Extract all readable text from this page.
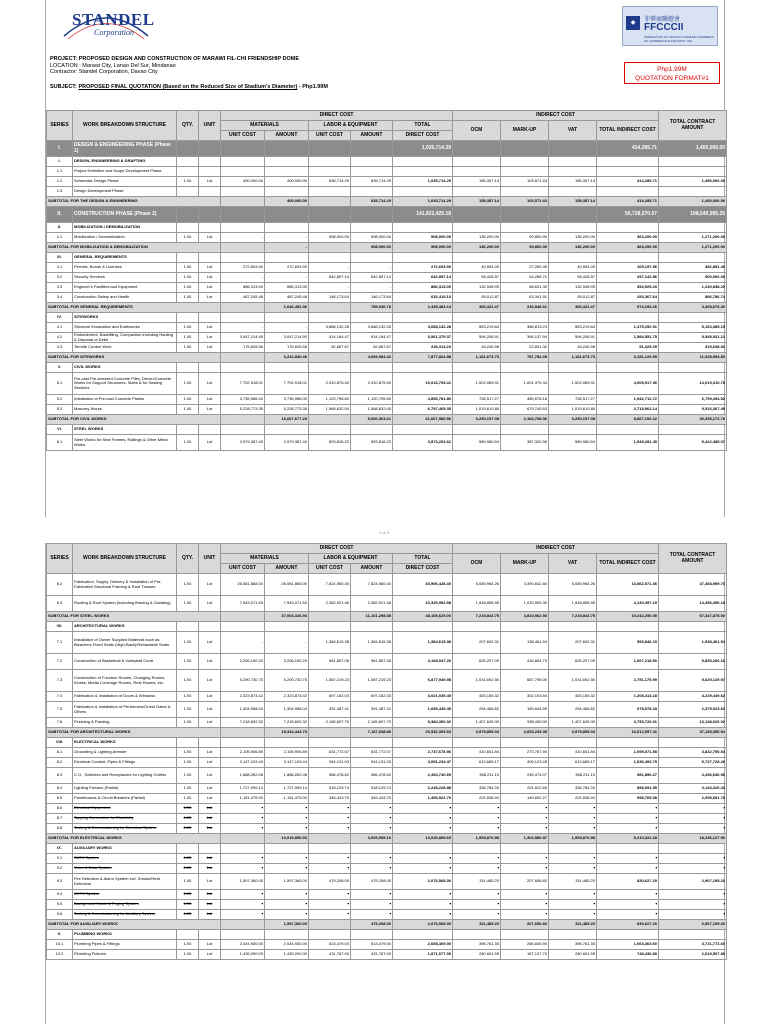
STANDEL
Corporation
◆	菲華商聯總會
FFCCCII
FEDERATION OF FILIPINO-CHINESE CHAMBERS OF COMMERCE & INDUSTRY, INC.
PROJECT: PROPOSED DESIGN AND CONSTRUCTION OF MARAWI FIL-CHI FRIENDSHIP DOME
LOCATION : Marawi City, Lanao Del Sur, Mindanao
Contractor: Standel Corporation, Davao City	Php1.99M
QUOTATION FORMAT#1
SUBJECT: PROPOSED FINAL QUOTATION (Based on the Reduced Size of Stadium's Diameter) - Php1.99M
SERIES	WORK BREAKDOWN STRUCTURE	QTY.	UNIT	DIRECT COST					INDIRECT COST				TOTAL CONTRACT AMOUNT
				MATERIALS		LABOR & EQUIPMENT		TOTAL	OCM	MARK-UP	VAT	TOTAL INDIRECT COST	
				UNIT COST	AMOUNT	UNIT COST	AMOUNT	DIRECT COST					
I.	DESIGN & ENGINEERING PHASE (Phase 1)							1,035,714.29				414,285.71	1,450,000.00
I.	DESIGN, ENGINEERING & DRAFTING												
1.1	Project Definition and Scope Development Phase												
1.2	Schematic Design Phase	1.00	Lot	400,000.00	400,000.00	635,714.29	635,714.29	1,035,714.29	155,357.14	103,571.43	155,357.14	414,285.71	1,450,000.00
1.3	Design Development Phase												
SUBTOTAL FOR THE DESIGN & ENGINEERING					400,000.00		635,714.29	1,035,714.29	155,357.14	103,571.43	155,357.14	414,285.71	1,450,000.00
II.	CONSTRUCTION PHASE (Phase 2)							141,821,425.18				56,728,570.07	198,549,995.25
II.	MOBILIZATION / DEMOBILIZATION												
2.1	Mobilization / Demobilization	1.00	Lot	-	-	908,000.00	908,000.00	908,000.00	136,200.00	90,800.00	136,200.00	363,200.00	1,271,200.00
SUBTOTAL FOR MOBILIZATION & DEMOBILIZATION					-		908,000.00	908,000.00	136,200.00	90,800.00	136,200.00	363,200.00	1,271,200.00
III.	GENERAL REQUIREMENTS												
3.1	Permits, Bonds & Licenses	1.00	Lot	272,693.90	272,693.90	-	-	272,693.90	40,904.09	27,269.39	40,904.09	109,157.56	382,851.46
3.2	Security Services	1.00	Lot	-	-	642,857.14	642,857.14	642,857.14	96,428.57	64,285.71	96,428.57	257,142.86	900,000.00
3.3	Engineer's Facilities and Equipment	1.00	Lot	886,313.00	886,313.00	-	-	886,313.00	132,946.95	88,631.30	132,946.95	354,525.20	1,240,838.20
3.4	Construction Safety and Health	1.00	Lot	487,245.46	487,245.46	146,173.64	146,173.64	633,419.10	95,012.87	63,341.91	95,012.87	253,367.64	886,786.74
SUBTOTAL FOR GENERAL REQUIREMENTS					1,646,452.36		789,030.78	2,435,483.14	365,322.47	243,548.31	365,322.47	974,193.26	3,409,676.40
IV.	SITEWORKS												
4.1	Structure Excavation and Earthworks	1.00	Lot	-	-	3,688,132.28	3,688,132.28	3,688,132.28	553,219.84	368,813.23	553,219.84	1,475,252.91	5,163,385.19
4.2	Embankment, Backfilling, Compaction including Hauling & Disposal of Debri	1.00	Lot	3,047,214.90	3,047,214.90	914,164.47	914,164.47	3,961,379.37	594,206.91	396,137.94	594,206.91	1,584,551.75	5,545,931.12
4.3	Termite Control Work	1.00	Lot	175,625.56	175,625.56	52,687.67	52,687.67	228,313.23	34,246.98	22,831.32	34,246.98	91,325.29	319,638.52
SUBTOTAL FOR SITEWORKS					3,222,840.46		4,654,984.42	7,877,824.88	1,181,673.73	787,782.49	1,181,673.73	3,151,129.95	11,028,954.83
V.	CIVIL WORKS												
5.1	Pre-cast Pre-stressed Concrete Piles, Driven/Concrete Works for Support Structures, Slabs & for Seating Sections	1.00	Lot	7,702,918.01	7,702,918.01	2,310,875.40	2,310,875.40	10,013,793.41	1,502,069.01	1,001,379.34	1,502,069.01	4,005,517.36	14,019,310.78
5.2	Installation of Pre-cast Concrete Planks	1.00	Lot	3,735,986.00	3,735,986.00	1,120,795.80	1,120,795.80	4,856,781.80	728,517.27	485,678.18	728,517.27	1,942,712.72	6,799,494.52
5.3	Masonry Works	1.00	Lot	5,228,773.35	5,228,773.35	1,568,632.00	1,568,632.00	6,797,405.35	1,019,610.80	679,740.53	1,019,610.80	2,718,962.14	9,516,367.49
SUBTOTAL FOR CIVIL WORKS					16,667,677.25		5,000,303.21	21,667,980.56	3,250,197.08	2,166,798.06	3,250,197.08	8,667,192.22	30,335,172.78
VI.	STEEL WORKS												
6.1	Steel Works for Seat Frames, Railings & Other Metal Works	1.00	Lot	2,979,387.40	2,979,387.40	893,816.22	893,816.22	3,873,203.62	580,980.54	387,320.36	580,980.54	1,549,281.45	5,422,485.07
1 of 3
SERIES	WORK BREAKDOWN STRUCTURE	QTY.	UNIT	DIRECT COST					INDIRECT COST				TOTAL CONTRACT AMOUNT
				MATERIALS		LABOR & EQUIPMENT		TOTAL	OCM	MARK-UP	VAT	TOTAL INDIRECT COST	
				UNIT COST	AMOUNT	UNIT COST	AMOUNT	DIRECT COST					
6.2	Fabrication, Supply, Delivery & Installation of Pre-Fabricated Structural Framing & Roof Trusses	1.00	Lot	26,081,868.00	26,081,868.00	7,824,560.40	7,824,560.40	33,906,428.40	5,085,964.26	3,390,642.84	5,085,964.26	13,562,571.36	47,468,999.76
6.3	Roofing & Roof System (Including Bracing & Cladding)	1.00	Lot	7,943,071.53	7,943,071.53	2,382,921.46	2,382,921.46	10,325,992.98	1,548,898.95	1,032,599.30	1,548,898.95	4,130,397.19	14,456,390.18
SUBTOTAL FOR STEEL WORKS					37,004,326.93		11,101,298.08	48,105,625.00	7,215,843.75	4,810,562.50	7,215,843.75	19,242,250.00	67,347,875.00
VII.	ARCHITECTURAL WORKS												
7.1	Installation of Owner Supplied Materials such as Bleachers Fixed Seats (High-Back)/Retractable Seats	1.00	Lot	-	-	1,384,615.38	1,384,615.38	1,384,615.38	207,692.31	138,461.54	207,692.31	553,846.15	1,938,461.54
7.2	Construction of Basketball & Volleyball Court	1.00	Lot	3,206,190.20	3,206,190.20	961,857.06	961,857.06	4,168,047.26	625,207.09	416,804.73	625,207.09	1,667,218.90	5,835,266.16
7.3	Construction of Function Rooms, Changing Rooms, Kiosks, Media Coverage Rooms, Rest Rooms, etc.	1.00	Lot	5,290,730.75	5,290,730.75	1,587,219.23	1,587,219.23	6,877,949.98	1,031,692.50	687,795.00	1,031,692.50	2,751,179.99	9,629,129.97
7.4	Fabrication & Installation of Doors & Windows	1.00	Lot	2,323,873.42	2,323,873.42	697,162.03	697,162.03	3,021,035.45	453,155.32	302,103.54	453,155.32	1,208,414.18	4,229,449.62
7.5	Fabrication & Installation of Performers/Guest Gates & Others	1.00	Lot	1,304,958.04	1,304,958.04	391,487.41	391,487.41	1,696,445.45	254,466.82	169,644.55	254,466.82	678,578.18	2,375,023.63
7.6	Finishing & Painting	1.00	Lot	7,218,692.32	7,218,692.32	2,165,607.70	2,165,607.70	9,384,300.02	1,407,645.00	938,430.00	1,407,645.00	3,753,720.01	13,138,020.02
SUBTOTAL FOR ARCHITECTURAL WORKS					19,344,444.73		7,187,948.80	26,532,393.53	3,979,859.03	2,653,239.35	3,979,859.03	10,612,957.41	37,145,350.94
VIII.	ELECTRICAL WORKS												
8.1	Grounding & Lighting Arrester	1.00	Lot	2,105,906.89	2,105,906.89	631,772.07	631,772.07	2,737,678.96	410,651.84	273,767.90	410,651.84	1,095,071.58	3,832,750.54
8.2	Electrical Conduit, Pipes & Fittings	1.00	Lot	3,147,103.44	3,147,103.44	944,131.03	944,131.03	4,091,234.47	613,685.17	409,123.45	613,685.17	1,636,493.79	5,727,728.26
8.3	C.O., Switches and Receptacles for Lighting Outlets	1.00	Lot	1,888,262.08	1,888,262.08	566,478.62	566,478.62	2,454,740.69	368,211.10	245,474.07	368,211.10	981,896.27	3,436,636.96
8.4	Lighting Fixtures (Partial)	1.00	Lot	1,727,099.14	1,727,099.14	518,129.74	518,129.74	2,245,228.88	336,784.33	224,522.89	336,784.33	898,091.55	3,143,320.43
8.5	Panelboards & Circuit Breakers (Partial)	1.00	Lot	1,151,479.00	1,151,479.00	345,443.70	345,443.70	1,496,922.70	224,538.40	149,692.27	224,538.40	598,769.08	2,095,691.78
8.6	Electrical Equipment	1.00	Lot	-	-	-	-	-	-	-	-	-	-
8.7	Tapping Connection for Electricity	1.00	Lot	-	-	-	-	-	-	-	-	-	-
8.8	Testing & Commissioning for Electrical System	1.00	Lot	-	-	-	-	-	-	-	-	-	-
SUBTOTAL FOR ELECTRICAL WORKS					10,019,850.53		3,005,955.16	13,025,805.69	1,953,870.85	1,302,580.57	1,953,870.85	5,210,322.28	18,236,127.96
IX.	AUXILIARY WORKS												
9.1	CATV System	1.00	Lot	-	-	-	-	-	-	-	-	-	-
9.2	Voice & Data System	1.00	Lot	-	-	-	-	-	-	-	-	-	-
9.3	Fire Detection & Alarm System incl. Smoke/Heat Detectors	1.00	Lot	1,597,360.00	1,597,360.00	479,208.00	479,208.00	2,076,568.00	311,485.20	207,656.80	311,485.20	830,627.20	2,907,195.20
9.4	CCTV System	1.00	Lot	-	-	-	-	-	-	-	-	-	-
9.5	Background Music & Paging System	1.00	Lot	-	-	-	-	-	-	-	-	-	-
9.6	Testing & Commissioning for Auxiliary System	1.00	Lot	-	-	-	-	-	-	-	-	-	-
SUBTOTAL FOR AUXILIARY WORKS					1,597,360.00		479,208.00	2,076,568.00	311,485.20	207,656.80	311,485.20	830,627.20	2,907,195.20
X.	PLUMBING WORKS												
10.1	Plumbing Pipes & Fittings	1.00	Lot	2,044,930.00	2,044,930.00	613,479.00	613,479.00	2,658,409.00	398,761.35	265,840.90	398,761.35	1,063,363.60	3,721,772.60
10.2	Plumbing Fixtures	1.00	Lot	1,439,290.00	1,439,290.00	431,787.00	431,787.00	1,871,077.00	280,661.55	187,107.70	280,661.55	748,430.80	2,619,507.80
